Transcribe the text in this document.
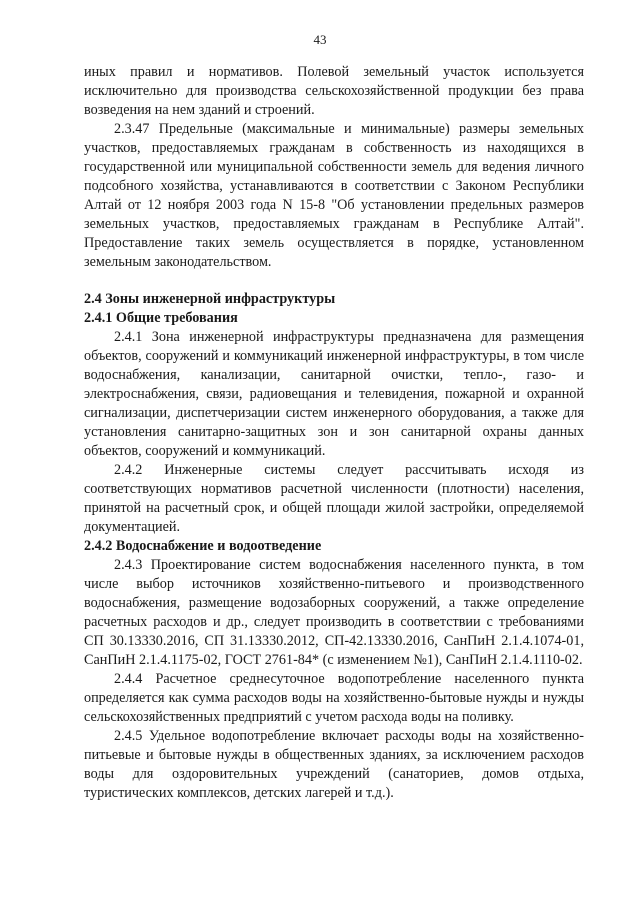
43

иных правил и нормативов. Полевой земельный участок используется исключительно для производства сельскохозяйственной продукции без права возведения на нем зданий и строений.

2.3.47 Предельные (максимальные и минимальные) размеры земельных участков, предоставляемых гражданам в собственность из находящихся в государственной или муниципальной собственности земель для ведения личного подсобного хозяйства, устанавливаются в соответствии с Законом Республики Алтай от 12 ноября 2003 года N 15-8 "Об установлении предельных размеров земельных участков, предоставляемых гражданам в Республике Алтай". Предоставление таких земель осуществляется в порядке, установленном земельным законодательством.

2.4 Зоны инженерной инфраструктуры

2.4.1 Общие требования

2.4.1 Зона инженерной инфраструктуры предназначена для размещения объектов, сооружений и коммуникаций инженерной инфраструктуры, в том числе водоснабжения, канализации, санитарной очистки, тепло-, газо- и электроснабжения, связи, радиовещания и телевидения, пожарной и охранной сигнализации, диспетчеризации систем инженерного оборудования, а также для установления санитарно-защитных зон и зон санитарной охраны данных объектов, сооружений и коммуникаций.

2.4.2 Инженерные системы следует рассчитывать исходя из соответствующих нормативов расчетной численности (плотности) населения, принятой на расчетный срок, и общей площади жилой застройки, определяемой документацией.

2.4.2 Водоснабжение и водоотведение

2.4.3 Проектирование систем водоснабжения населенного пункта, в том числе выбор источников хозяйственно-питьевого и производственного водоснабжения, размещение водозаборных сооружений, а также определение расчетных расходов и др., следует производить в соответствии с требованиями СП 30.13330.2016, СП 31.13330.2012, СП-42.13330.2016, СанПиН 2.1.4.1074-01, СанПиН 2.1.4.1175-02, ГОСТ 2761-84* (с изменением №1), СанПиН 2.1.4.1110-02.

2.4.4 Расчетное среднесуточное водопотребление населенного пункта определяется как сумма расходов воды на хозяйственно-бытовые нужды и нужды сельскохозяйственных предприятий с учетом расхода воды на поливку.

2.4.5 Удельное водопотребление включает расходы воды на хозяйственно-питьевые и бытовые нужды в общественных зданиях, за исключением расходов воды для оздоровительных учреждений (санаториев, домов отдыха, туристических комплексов, детских лагерей и т.д.).
